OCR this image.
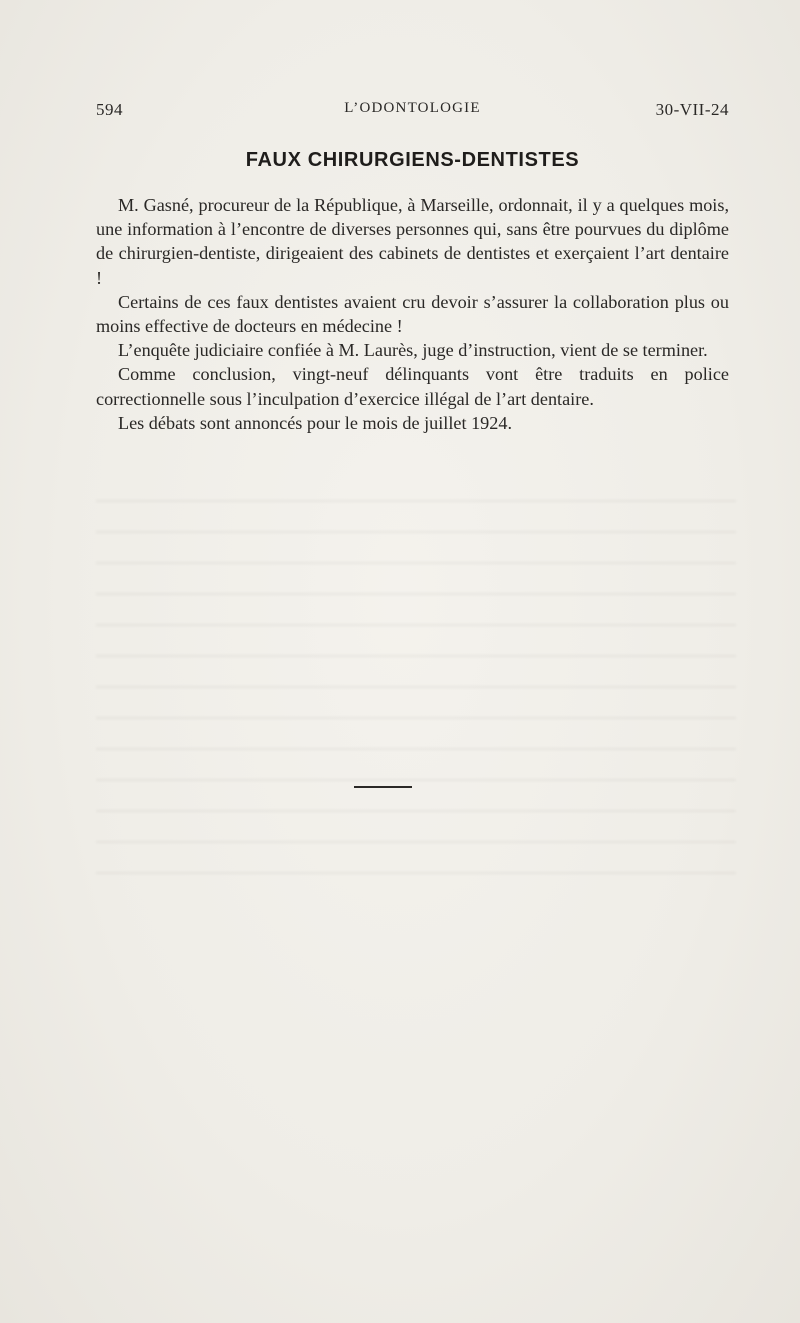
594	L’ODONTOLOGIE	30-VII-24
FAUX CHIRURGIENS-DENTISTES

M. Gasné, procureur de la République, à Marseille, ordonnait, il y a quelques mois, une information à l’encontre de diverses personnes qui, sans être pourvues du diplôme de chirurgien-dentiste, dirigeaient des cabinets de dentistes et exerçaient l’art dentaire !

Certains de ces faux dentistes avaient cru devoir s’assurer la collaboration plus ou moins effective de docteurs en médecine !

L’enquête judiciaire confiée à M. Laurès, juge d’instruction, vient de se terminer.

Comme conclusion, vingt-neuf délinquants vont être traduits en police correctionnelle sous l’inculpation d’exercice illégal de l’art dentaire.

Les débats sont annoncés pour le mois de juillet 1924.
